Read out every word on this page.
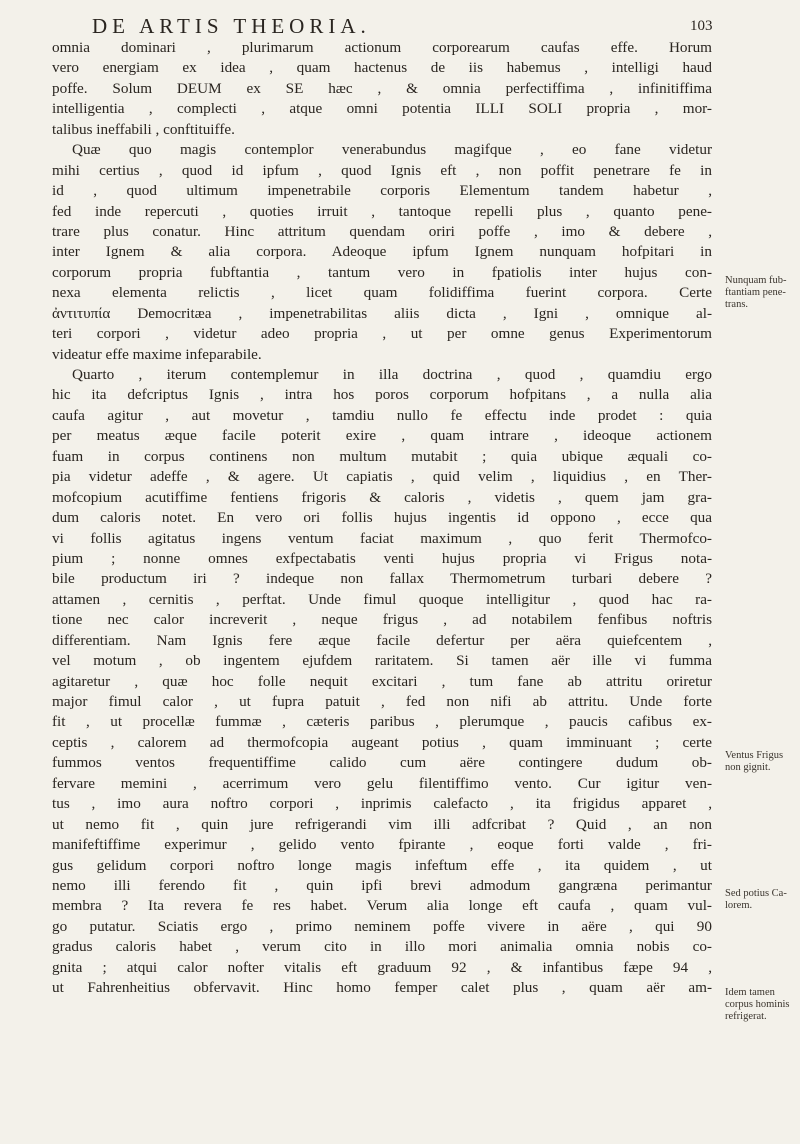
DE ARTIS THEORIA.	103
omnia dominari , plurimarum actionum corporearum caufas effe. Horum
vero energiam ex idea , quam hactenus de iis habemus , intelligi haud
poffe. Solum DEUM ex SE hæc , & omnia perfectiffima , infinitiffima
intelligentia , complecti , atque omni potentia ILLI SOLI propria , mor-
talibus ineffabili , conftituiffe.
Quæ quo magis contemplor venerabundus magifque , eo fane videtur
mihi certius , quod id ipfum , quod Ignis eft , non poffit penetrare fe in
id , quod ultimum impenetrabile corporis Elementum tandem habetur ,
fed inde repercuti , quoties irruit , tantoque repelli plus , quanto pene-
trare plus conatur. Hinc attritum quendam oriri poffe , imo & debere ,
inter Ignem & alia corpora. Adeoque ipfum Ignem nunquam hofpitari in
corporum propria fubftantia , tantum vero in fpatiolis inter hujus con-
nexa elementa relictis , licet quam folidiffima fuerint corpora. Certe
ἀντιτυπία Democritæa , impenetrabilitas aliis dicta , Igni , omnique al-
teri corpori , videtur adeo propria , ut per omne genus Experimentorum
videatur effe maxime infeparabile.
Quarto , iterum contemplemur in illa doctrina , quod , quamdiu ergo
hic ita defcriptus Ignis , intra hos poros corporum hofpitans , a nulla alia
caufa agitur , aut movetur , tamdiu nullo fe effectu inde prodet : quia
per meatus æque facile poterit exire , quam intrare , ideoque actionem
fuam in corpus continens non multum mutabit ; quia ubique æquali co-
pia videtur adeffe , & agere. Ut capiatis , quid velim , liquidius , en Ther-
mofcopium acutiffime fentiens frigoris & caloris , videtis , quem jam gra-
dum caloris notet. En vero ori follis hujus ingentis id oppono , ecce qua
vi follis agitatus ingens ventum faciat maximum , quo ferit Thermofco-
pium ; nonne omnes exfpectabatis venti hujus propria vi Frigus nota-
bile productum iri ? indeque non fallax Thermometrum turbari debere ?
attamen , cernitis , perftat. Unde fimul quoque intelligitur , quod hac ra-
tione nec calor increverit , neque frigus , ad notabilem fenfibus noftris
differentiam. Nam Ignis fere æque facile defertur per aëra quiefcentem ,
vel motum , ob ingentem ejufdem raritatem. Si tamen aër ille vi fumma
agitaretur , quæ hoc folle nequit excitari , tum fane ab attritu oriretur
major fimul calor , ut fupra patuit , fed non nifi ab attritu. Unde forte
fit , ut procellæ fummæ , cæteris paribus , plerumque , paucis cafibus ex-
ceptis , calorem ad thermofcopia augeant potius , quam imminuant ; certe
fummos ventos frequentiffime calido cum aëre contingere dudum ob-
fervare memini , acerrimum vero gelu filentiffimo vento. Cur igitur ven-
tus , imo aura noftro corpori , inprimis calefacto , ita frigidus apparet ,
ut nemo fit , quin jure refrigerandi vim illi adfcribat ? Quid , an non
manifeftiffime experimur , gelido vento fpirante , eoque forti valde , fri-
gus gelidum corpori noftro longe magis infeftum effe , ita quidem , ut
nemo illi ferendo fit , quin ipfi brevi admodum gangræna perimantur
membra ? Ita revera fe res habet. Verum alia longe eft caufa , quam vul-
go putatur. Sciatis ergo , primo neminem poffe vivere in aëre , qui 90
gradus caloris habet , verum cito in illo mori animalia omnia nobis co-
gnita ; atqui calor nofter vitalis eft graduum 92 , & infantibus fæpe 94 ,
ut Fahrenheitius obfervavit. Hinc homo femper calet plus , quam aër am-
Nunquam fub-
ftantiam pene-
trans.
Ventus Frigus
non gignit.
Sed potius Ca-
lorem.
Idem tamen
corpus hominis
refrigerat.
